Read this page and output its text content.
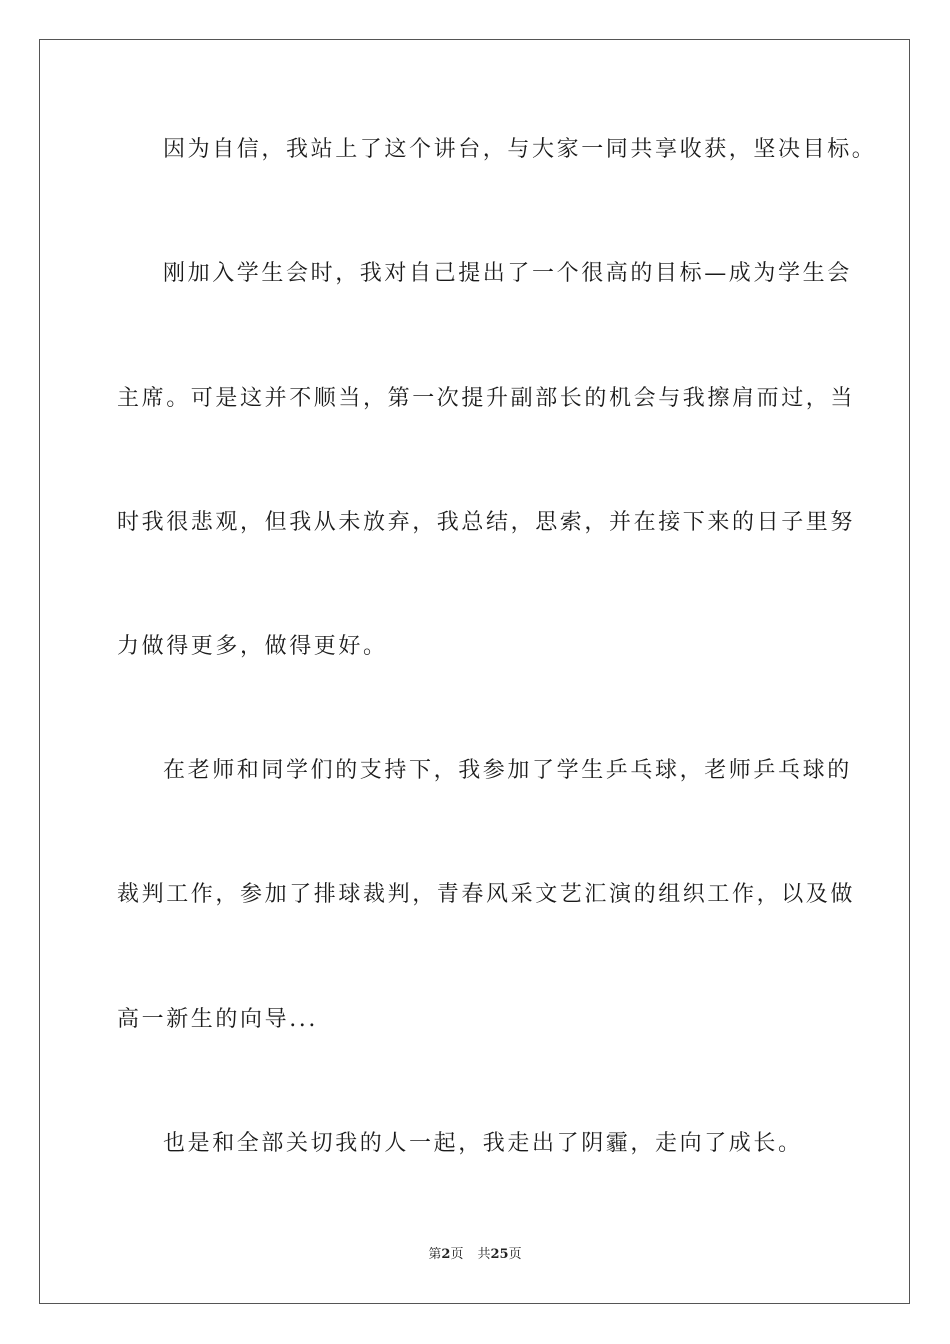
因为自信，我站上了这个讲台，与大家一同共享收获，坚决目标。
刚加入学生会时，我对自己提出了一个很高的目标—成为学生会
主席。可是这并不顺当，第一次提升副部长的机会与我擦肩而过，当
时我很悲观，但我从未放弃，我总结，思索，并在接下来的日子里努
力做得更多，做得更好。
在老师和同学们的支持下，我参加了学生乒乓球，老师乒乓球的
裁判工作，参加了排球裁判，青春风采文艺汇演的组织工作，以及做
高一新生的向导...
也是和全部关切我的人一起，我走出了阴霾，走向了成长。
第2页 共25页
